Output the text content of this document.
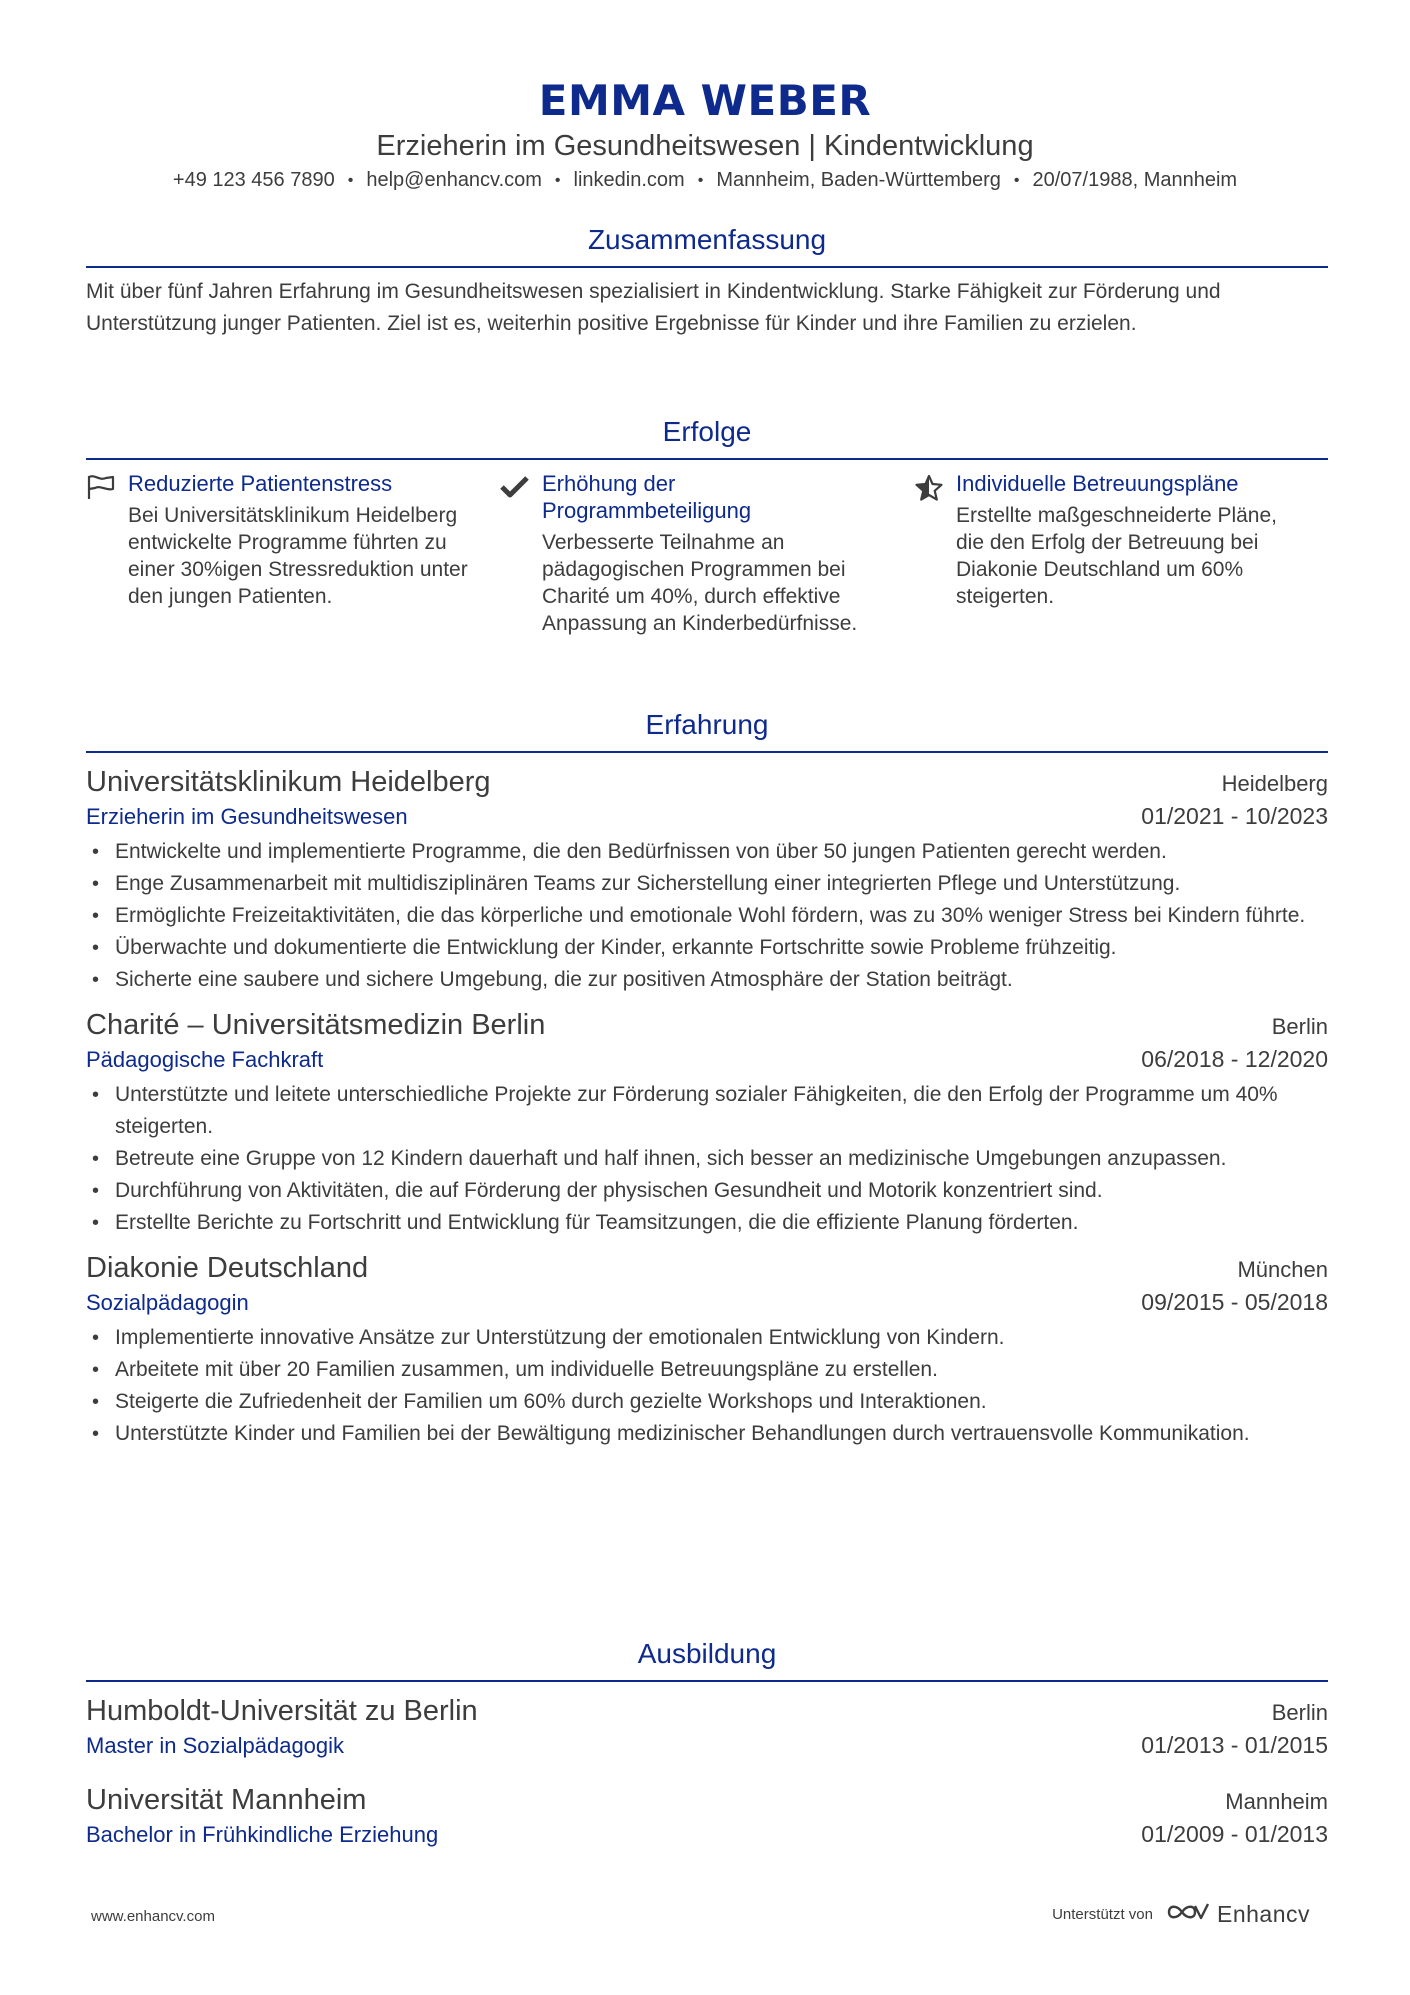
EMMA WEBER
Erzieherin im Gesundheitswesen | Kindentwicklung
+49 123 456 7890 • help@enhancv.com • linkedin.com • Mannheim, Baden-Württemberg • 20/07/1988, Mannheim
Zusammenfassung
Mit über fünf Jahren Erfahrung im Gesundheitswesen spezialisiert in Kindentwicklung. Starke Fähigkeit zur Förderung und Unterstützung junger Patienten. Ziel ist es, weiterhin positive Ergebnisse für Kinder und ihre Familien zu erzielen.
Erfolge
Reduzierte Patientenstress
Bei Universitätsklinikum Heidelberg entwickelte Programme führten zu einer 30%igen Stressreduktion unter den jungen Patienten.
Erhöhung der Programmbeteiligung
Verbesserte Teilnahme an pädagogischen Programmen bei Charité um 40%, durch effektive Anpassung an Kinderbedürfnisse.
Individuelle Betreuungspläne
Erstellte maßgeschneiderte Pläne, die den Erfolg der Betreuung bei Diakonie Deutschland um 60% steigerten.
Erfahrung
Universitätsklinikum Heidelberg	Heidelberg
Erzieherin im Gesundheitswesen	01/2021 - 10/2023
• Entwickelte und implementierte Programme, die den Bedürfnissen von über 50 jungen Patienten gerecht werden.
• Enge Zusammenarbeit mit multidisziplinären Teams zur Sicherstellung einer integrierten Pflege und Unterstützung.
• Ermöglichte Freizeitaktivitäten, die das körperliche und emotionale Wohl fördern, was zu 30% weniger Stress bei Kindern führte.
• Überwachte und dokumentierte die Entwicklung der Kinder, erkannte Fortschritte sowie Probleme frühzeitig.
• Sicherte eine saubere und sichere Umgebung, die zur positiven Atmosphäre der Station beiträgt.
Charité – Universitätsmedizin Berlin	Berlin
Pädagogische Fachkraft	06/2018 - 12/2020
• Unterstützte und leitete unterschiedliche Projekte zur Förderung sozialer Fähigkeiten, die den Erfolg der Programme um 40% steigerten.
• Betreute eine Gruppe von 12 Kindern dauerhaft und half ihnen, sich besser an medizinische Umgebungen anzupassen.
• Durchführung von Aktivitäten, die auf Förderung der physischen Gesundheit und Motorik konzentriert sind.
• Erstellte Berichte zu Fortschritt und Entwicklung für Teamsitzungen, die die effiziente Planung förderten.
Diakonie Deutschland	München
Sozialpädagogin	09/2015 - 05/2018
• Implementierte innovative Ansätze zur Unterstützung der emotionalen Entwicklung von Kindern.
• Arbeitete mit über 20 Familien zusammen, um individuelle Betreuungspläne zu erstellen.
• Steigerte die Zufriedenheit der Familien um 60% durch gezielte Workshops und Interaktionen.
• Unterstützte Kinder und Familien bei der Bewältigung medizinischer Behandlungen durch vertrauensvolle Kommunikation.
Ausbildung
Humboldt-Universität zu Berlin	Berlin
Master in Sozialpädagogik	01/2013 - 01/2015
Universität Mannheim	Mannheim
Bachelor in Frühkindliche Erziehung	01/2009 - 01/2013
www.enhancv.com	Unterstützt von	Enhancv
